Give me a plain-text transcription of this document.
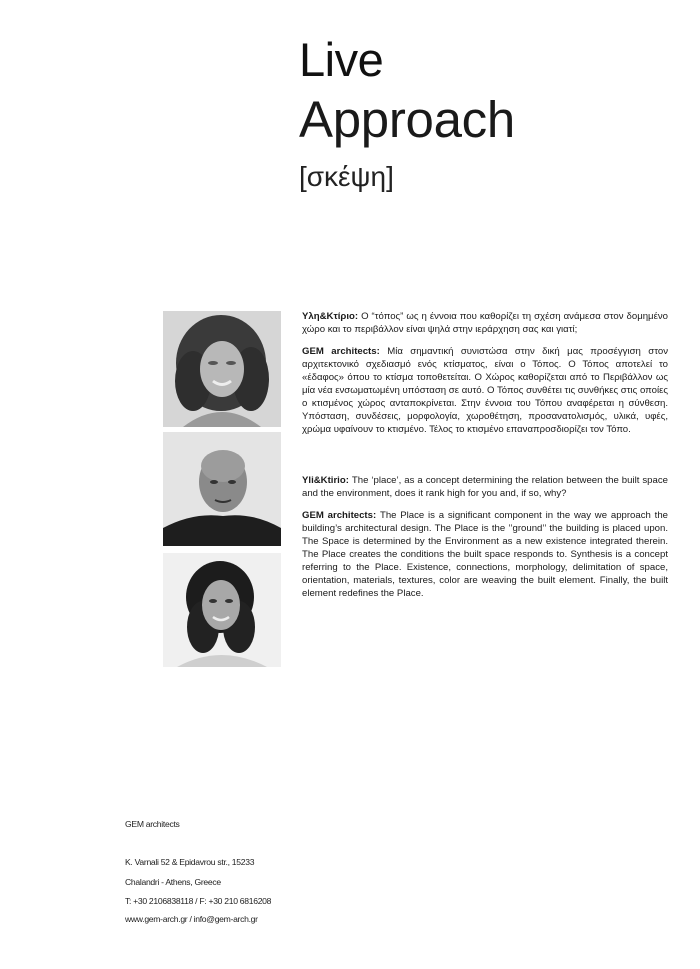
Live
Approach
[σκέψη]

Υλη&Κτίριο: Ο “τόπος” ως η έννοια που καθορίζει τη σχέση ανάμεσα στον δομημένο χώρο και το περιβάλλον είναι ψηλά στην ιεράρχηση σας και γιατί;

GEM architects: Μία σημαντική συνιστώσα στην δική μας προσέγγιση στον αρχιτεκτονικό σχεδιασμό ενός κτίσματος, είναι ο Τόπος. Ο Τόπος αποτελεί το «έδαφος» όπου το κτίσμα τοποθετείται. Ο Χώρος καθορίζεται από το Περιβάλλον ως μία νέα ενσωματωμένη υπόσταση σε αυτό. Ο Τόπος συνθέτει τις συνθήκες στις οποίες ο κτισμένος χώρος ανταποκρίνεται. Στην έννοια του Τόπου αναφέρεται η σύνθεση. Υπόσταση, συνδέσεις, μορφολογία, χωροθέτηση, προσανατολισμός, υλικά, υφές, χρώμα υφαίνουν το κτισμένο. Τέλος το κτισμένο επαναπροσδιορίζει τον Τόπο.

Yli&Ktirio: The ‘place’, as a concept determining the relation between the built space and the environment, does it rank high for you and, if so, why?

GEM architects: The Place is a significant component in the way we approach the building’s architectural design. The Place is the ’’ground’’ the building is placed upon. The Space is determined by the Environment as a new existence integrated therein. The Place creates the conditions the built space responds to. Synthesis is a concept referring to the Place. Existence, connections, morphology, delimitation of space, orientation, materials, textures, color are weaving the built element. Finally, the built element redefines the Place.

GEM architects
K. Varnali 52 & Epidavrou str., 15233
Chalandri - Athens, Greece
T: +30 2106838118 / F: +30 210 6816208
www.gem-arch.gr / info@gem-arch.gr
